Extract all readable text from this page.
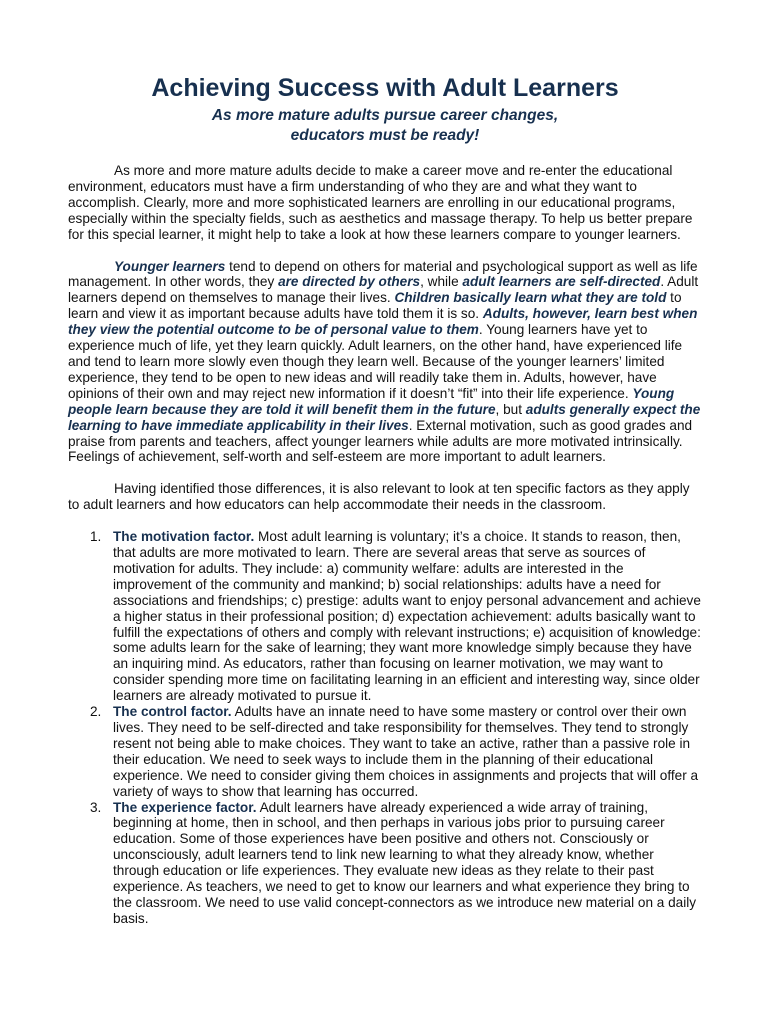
Achieving Success with Adult Learners
As more mature adults pursue career changes,
educators must be ready!

As more and more mature adults decide to make a career move and re-enter the educational environment, educators must have a firm understanding of who they are and what they want to accomplish. Clearly, more and more sophisticated learners are enrolling in our educational programs, especially within the specialty fields, such as aesthetics and massage therapy. To help us better prepare for this special learner, it might help to take a look at how these learners compare to younger learners.

Younger learners tend to depend on others for material and psychological support as well as life management. In other words, they are directed by others, while adult learners are self-directed. Adult learners depend on themselves to manage their lives. Children basically learn what they are told to learn and view it as important because adults have told them it is so. Adults, however, learn best when they view the potential outcome to be of personal value to them. Young learners have yet to experience much of life, yet they learn quickly. Adult learners, on the other hand, have experienced life and tend to learn more slowly even though they learn well. Because of the younger learners’ limited experience, they tend to be open to new ideas and will readily take them in. Adults, however, have opinions of their own and may reject new information if it doesn’t “fit” into their life experience. Young people learn because they are told it will benefit them in the future, but adults generally expect the learning to have immediate applicability in their lives. External motivation, such as good grades and praise from parents and teachers, affect younger learners while adults are more motivated intrinsically. Feelings of achievement, self-worth and self-esteem are more important to adult learners.

Having identified those differences, it is also relevant to look at ten specific factors as they apply to adult learners and how educators can help accommodate their needs in the classroom.

1. The motivation factor. Most adult learning is voluntary; it’s a choice. It stands to reason, then, that adults are more motivated to learn. There are several areas that serve as sources of motivation for adults. They include: a) community welfare: adults are interested in the improvement of the community and mankind; b) social relationships: adults have a need for associations and friendships; c) prestige: adults want to enjoy personal advancement and achieve a higher status in their professional position; d) expectation achievement: adults basically want to fulfill the expectations of others and comply with relevant instructions; e) acquisition of knowledge: some adults learn for the sake of learning; they want more knowledge simply because they have an inquiring mind. As educators, rather than focusing on learner motivation, we may want to consider spending more time on facilitating learning in an efficient and interesting way, since older learners are already motivated to pursue it.
2. The control factor. Adults have an innate need to have some mastery or control over their own lives. They need to be self-directed and take responsibility for themselves. They tend to strongly resent not being able to make choices. They want to take an active, rather than a passive role in their education. We need to seek ways to include them in the planning of their educational experience. We need to consider giving them choices in assignments and projects that will offer a variety of ways to show that learning has occurred.
3. The experience factor. Adult learners have already experienced a wide array of training, beginning at home, then in school, and then perhaps in various jobs prior to pursuing career education. Some of those experiences have been positive and others not. Consciously or unconsciously, adult learners tend to link new learning to what they already know, whether through education or life experiences. They evaluate new ideas as they relate to their past experience. As teachers, we need to get to know our learners and what experience they bring to the classroom. We need to use valid concept-connectors as we introduce new material on a daily basis.
